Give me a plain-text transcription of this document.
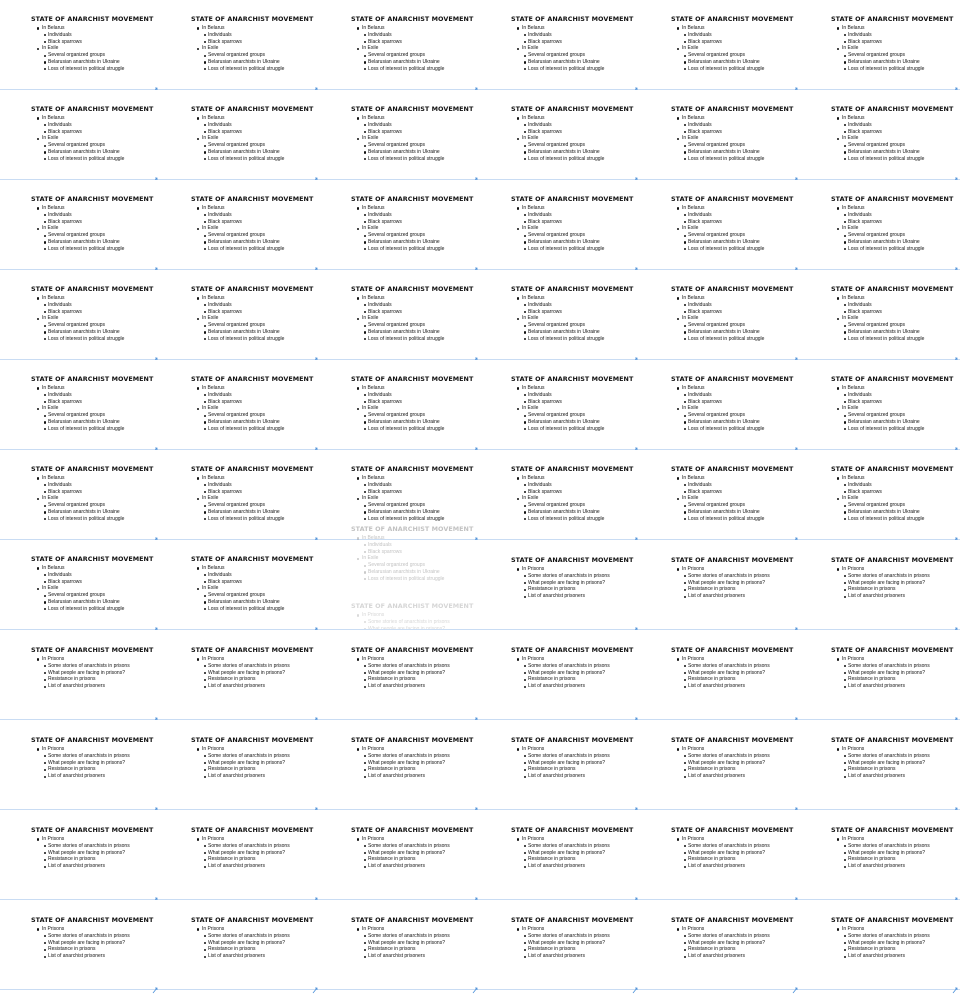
STATE OF ANARCHIST MOVEMENT
In Belarus
Individuals
Black sparrows
In Exile
Several organized groups
Belarusian anarchists in Ukraine
Loss of interest in political struggle
STATE OF ANARCHIST MOVEMENT
In Belarus
Individuals
Black sparrows
In Exile
Several organized groups
Belarusian anarchists in Ukraine
Loss of interest in political struggle
STATE OF ANARCHIST MOVEMENT
In Belarus
Individuals
Black sparrows
In Exile
Several organized groups
Belarusian anarchists in Ukraine
Loss of interest in political struggle
STATE OF ANARCHIST MOVEMENT
In Belarus
Individuals
Black sparrows
In Exile
Several organized groups
Belarusian anarchists in Ukraine
Loss of interest in political struggle
STATE OF ANARCHIST MOVEMENT
In Belarus
Individuals
Black sparrows
In Exile
Several organized groups
Belarusian anarchists in Ukraine
Loss of interest in political struggle
STATE OF ANARCHIST MOVEMENT
In Belarus
Individuals
Black sparrows
In Exile
Several organized groups
Belarusian anarchists in Ukraine
Loss of interest in political struggle
STATE OF ANARCHIST MOVEMENT
In Belarus
Individuals
Black sparrows
In Exile
Several organized groups
Belarusian anarchists in Ukraine
Loss of interest in political struggle
STATE OF ANARCHIST MOVEMENT
In Belarus
Individuals
Black sparrows
In Exile
Several organized groups
Belarusian anarchists in Ukraine
Loss of interest in political struggle
STATE OF ANARCHIST MOVEMENT
In Belarus
Individuals
Black sparrows
In Exile
Several organized groups
Belarusian anarchists in Ukraine
Loss of interest in political struggle
STATE OF ANARCHIST MOVEMENT
In Belarus
Individuals
Black sparrows
In Exile
Several organized groups
Belarusian anarchists in Ukraine
Loss of interest in political struggle
STATE OF ANARCHIST MOVEMENT
In Belarus
Individuals
Black sparrows
In Exile
Several organized groups
Belarusian anarchists in Ukraine
Loss of interest in political struggle
STATE OF ANARCHIST MOVEMENT
In Belarus
Individuals
Black sparrows
In Exile
Several organized groups
Belarusian anarchists in Ukraine
Loss of interest in political struggle
STATE OF ANARCHIST MOVEMENT
In Belarus
Individuals
Black sparrows
In Exile
Several organized groups
Belarusian anarchists in Ukraine
Loss of interest in political struggle
STATE OF ANARCHIST MOVEMENT
In Belarus
Individuals
Black sparrows
In Exile
Several organized groups
Belarusian anarchists in Ukraine
Loss of interest in political struggle
STATE OF ANARCHIST MOVEMENT
In Belarus
Individuals
Black sparrows
In Exile
Several organized groups
Belarusian anarchists in Ukraine
Loss of interest in political struggle
STATE OF ANARCHIST MOVEMENT
In Belarus
Individuals
Black sparrows
In Exile
Several organized groups
Belarusian anarchists in Ukraine
Loss of interest in political struggle
STATE OF ANARCHIST MOVEMENT
In Belarus
Individuals
Black sparrows
In Exile
Several organized groups
Belarusian anarchists in Ukraine
Loss of interest in political struggle
STATE OF ANARCHIST MOVEMENT
In Belarus
Individuals
Black sparrows
In Exile
Several organized groups
Belarusian anarchists in Ukraine
Loss of interest in political struggle
STATE OF ANARCHIST MOVEMENT
In Belarus
Individuals
Black sparrows
In Exile
Several organized groups
Belarusian anarchists in Ukraine
Loss of interest in political struggle
STATE OF ANARCHIST MOVEMENT
In Belarus
Individuals
Black sparrows
In Exile
Several organized groups
Belarusian anarchists in Ukraine
Loss of interest in political struggle
STATE OF ANARCHIST MOVEMENT
In Belarus
Individuals
Black sparrows
In Exile
Several organized groups
Belarusian anarchists in Ukraine
Loss of interest in political struggle
STATE OF ANARCHIST MOVEMENT
In Belarus
Individuals
Black sparrows
In Exile
Several organized groups
Belarusian anarchists in Ukraine
Loss of interest in political struggle
STATE OF ANARCHIST MOVEMENT
In Belarus
Individuals
Black sparrows
In Exile
Several organized groups
Belarusian anarchists in Ukraine
Loss of interest in political struggle
STATE OF ANARCHIST MOVEMENT
In Belarus
Individuals
Black sparrows
In Exile
Several organized groups
Belarusian anarchists in Ukraine
Loss of interest in political struggle
STATE OF ANARCHIST MOVEMENT
In Belarus
Individuals
Black sparrows
In Exile
Several organized groups
Belarusian anarchists in Ukraine
Loss of interest in political struggle
STATE OF ANARCHIST MOVEMENT
In Belarus
Individuals
Black sparrows
In Exile
Several organized groups
Belarusian anarchists in Ukraine
Loss of interest in political struggle
STATE OF ANARCHIST MOVEMENT
In Belarus
Individuals
Black sparrows
In Exile
Several organized groups
Belarusian anarchists in Ukraine
Loss of interest in political struggle
STATE OF ANARCHIST MOVEMENT
In Belarus
Individuals
Black sparrows
In Exile
Several organized groups
Belarusian anarchists in Ukraine
Loss of interest in political struggle
STATE OF ANARCHIST MOVEMENT
In Belarus
Individuals
Black sparrows
In Exile
Several organized groups
Belarusian anarchists in Ukraine
Loss of interest in political struggle
STATE OF ANARCHIST MOVEMENT
In Belarus
Individuals
Black sparrows
In Exile
Several organized groups
Belarusian anarchists in Ukraine
Loss of interest in political struggle
STATE OF ANARCHIST MOVEMENT
In Belarus
Individuals
Black sparrows
In Exile
Several organized groups
Belarusian anarchists in Ukraine
Loss of interest in political struggle
STATE OF ANARCHIST MOVEMENT
In Belarus
Individuals
Black sparrows
In Exile
Several organized groups
Belarusian anarchists in Ukraine
Loss of interest in political struggle
STATE OF ANARCHIST MOVEMENT
In Belarus
Individuals
Black sparrows
In Exile
Several organized groups
Belarusian anarchists in Ukraine
Loss of interest in political struggle
STATE OF ANARCHIST MOVEMENT
In Belarus
Individuals
Black sparrows
In Exile
Several organized groups
Belarusian anarchists in Ukraine
Loss of interest in political struggle
STATE OF ANARCHIST MOVEMENT
In Belarus
Individuals
Black sparrows
In Exile
Several organized groups
Belarusian anarchists in Ukraine
Loss of interest in political struggle
STATE OF ANARCHIST MOVEMENT
In Belarus
Individuals
Black sparrows
In Exile
Several organized groups
Belarusian anarchists in Ukraine
Loss of interest in political struggle
STATE OF ANARCHIST MOVEMENT
In Belarus
Individuals
Black sparrows
In Exile
Several organized groups
Belarusian anarchists in Ukraine
Loss of interest in political struggle
STATE OF ANARCHIST MOVEMENT
In Belarus
Individuals
Black sparrows
In Exile
Several organized groups
Belarusian anarchists in Ukraine
Loss of interest in political struggle
STATE OF ANARCHIST MOVEMENT
In Belarus
Individuals
Black sparrows
In Exile
Several organized groups
Belarusian anarchists in Ukraine
Loss of interest in political struggle
STATE OF ANARCHIST MOVEMENT
In Prisons
Some stories of anarchists in prisons
STATE OF ANARCHIST MOVEMENT
In Prisons
Some stories of anarchists in prisons
What people are facing in prisons?
Resistance in prisons
List of anarchist prisoners
STATE OF ANARCHIST MOVEMENT
In Prisons
Some stories of anarchists in prisons
What people are facing in prisons?
Resistance in prisons
List of anarchist prisoners
STATE OF ANARCHIST MOVEMENT
In Prisons
Some stories of anarchists in prisons
What people are facing in prisons?
Resistance in prisons
List of anarchist prisoners
STATE OF ANARCHIST MOVEMENT
In Prisons
Some stories of anarchists in prisons
What people are facing in prisons?
Resistance in prisons
List of anarchist prisoners
STATE OF ANARCHIST MOVEMENT
In Prisons
Some stories of anarchists in prisons
What people are facing in prisons?
Resistance in prisons
List of anarchist prisoners
STATE OF ANARCHIST MOVEMENT
In Prisons
Some stories of anarchists in prisons
What people are facing in prisons?
Resistance in prisons
List of anarchist prisoners
STATE OF ANARCHIST MOVEMENT
In Prisons
Some stories of anarchists in prisons
What people are facing in prisons?
Resistance in prisons
List of anarchist prisoners
STATE OF ANARCHIST MOVEMENT
In Prisons
Some stories of anarchists in prisons
What people are facing in prisons?
Resistance in prisons
List of anarchist prisoners
STATE OF ANARCHIST MOVEMENT
In Prisons
Some stories of anarchists in prisons
What people are facing in prisons?
Resistance in prisons
List of anarchist prisoners
STATE OF ANARCHIST MOVEMENT
In Prisons
Some stories of anarchists in prisons
What people are facing in prisons?
Resistance in prisons
List of anarchist prisoners
STATE OF ANARCHIST MOVEMENT
In Prisons
Some stories of anarchists in prisons
What people are facing in prisons?
Resistance in prisons
List of anarchist prisoners
STATE OF ANARCHIST MOVEMENT
In Prisons
Some stories of anarchists in prisons
What people are facing in prisons?
Resistance in prisons
List of anarchist prisoners
STATE OF ANARCHIST MOVEMENT
In Prisons
Some stories of anarchists in prisons
What people are facing in prisons?
Resistance in prisons
List of anarchist prisoners
STATE OF ANARCHIST MOVEMENT
In Prisons
Some stories of anarchists in prisons
What people are facing in prisons?
Resistance in prisons
List of anarchist prisoners
STATE OF ANARCHIST MOVEMENT
In Prisons
Some stories of anarchists in prisons
What people are facing in prisons?
Resistance in prisons
List of anarchist prisoners
STATE OF ANARCHIST MOVEMENT
In Prisons
Some stories of anarchists in prisons
What people are facing in prisons?
Resistance in prisons
List of anarchist prisoners
STATE OF ANARCHIST MOVEMENT
In Prisons
Some stories of anarchists in prisons
What people are facing in prisons?
Resistance in prisons
List of anarchist prisoners
STATE OF ANARCHIST MOVEMENT
In Prisons
Some stories of anarchists in prisons
What people are facing in prisons?
Resistance in prisons
List of anarchist prisoners
STATE OF ANARCHIST MOVEMENT
In Prisons
Some stories of anarchists in prisons
What people are facing in prisons?
Resistance in prisons
List of anarchist prisoners
STATE OF ANARCHIST MOVEMENT
In Prisons
Some stories of anarchists in prisons
What people are facing in prisons?
Resistance in prisons
List of anarchist prisoners
STATE OF ANARCHIST MOVEMENT
In Prisons
Some stories of anarchists in prisons
What people are facing in prisons?
Resistance in prisons
List of anarchist prisoners
STATE OF ANARCHIST MOVEMENT
In Prisons
Some stories of anarchists in prisons
What people are facing in prisons?
Resistance in prisons
List of anarchist prisoners
STATE OF ANARCHIST MOVEMENT
In Prisons
Some stories of anarchists in prisons
What people are facing in prisons?
Resistance in prisons
List of anarchist prisoners
STATE OF ANARCHIST MOVEMENT
In Prisons
Some stories of anarchists in prisons
What people are facing in prisons?
Resistance in prisons
List of anarchist prisoners
STATE OF ANARCHIST MOVEMENT
In Prisons
Some stories of anarchists in prisons
What people are facing in prisons?
Resistance in prisons
List of anarchist prisoners
STATE OF ANARCHIST MOVEMENT
In Prisons
Some stories of anarchists in prisons
What people are facing in prisons?
Resistance in prisons
List of anarchist prisoners
STATE OF ANARCHIST MOVEMENT
In Prisons
Some stories of anarchists in prisons
What people are facing in prisons?
Resistance in prisons
List of anarchist prisoners
